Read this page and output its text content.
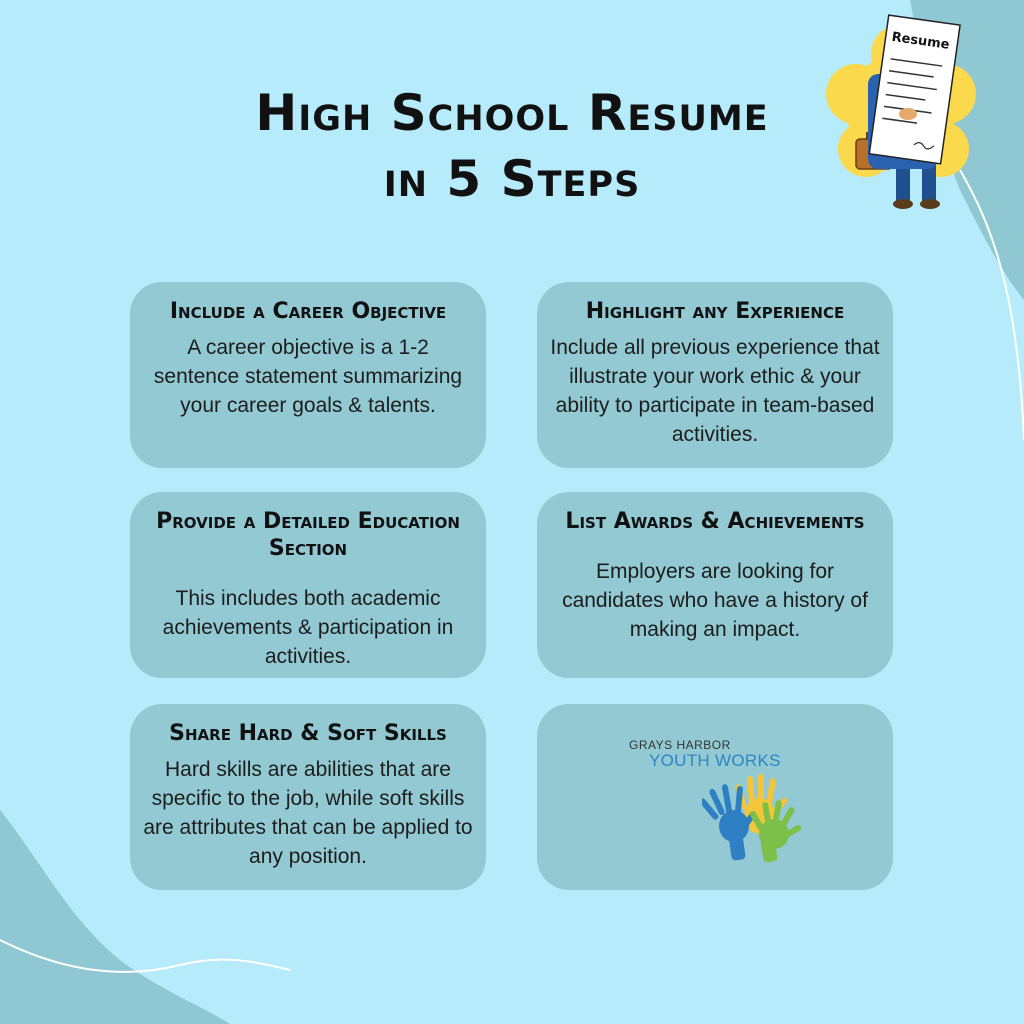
High School Resume
in 5 Steps
Resume
Include a Career Objective

A career objective is a 1-2 sentence statement summarizing your career goals & talents.

Highlight any Experience

Include all previous experience that illustrate your work ethic & your ability to participate in team-based activities.

Provide a Detailed Education Section

This includes both academic achievements & participation in activities.

List Awards & Achievements

Employers are looking for candidates who have a history of making an impact.

Share Hard & Soft Skills

Hard skills are abilities that are specific to the job, while soft skills are attributes that can be applied to any position.

GRAYS HARBOR
YOUTH WORKS
